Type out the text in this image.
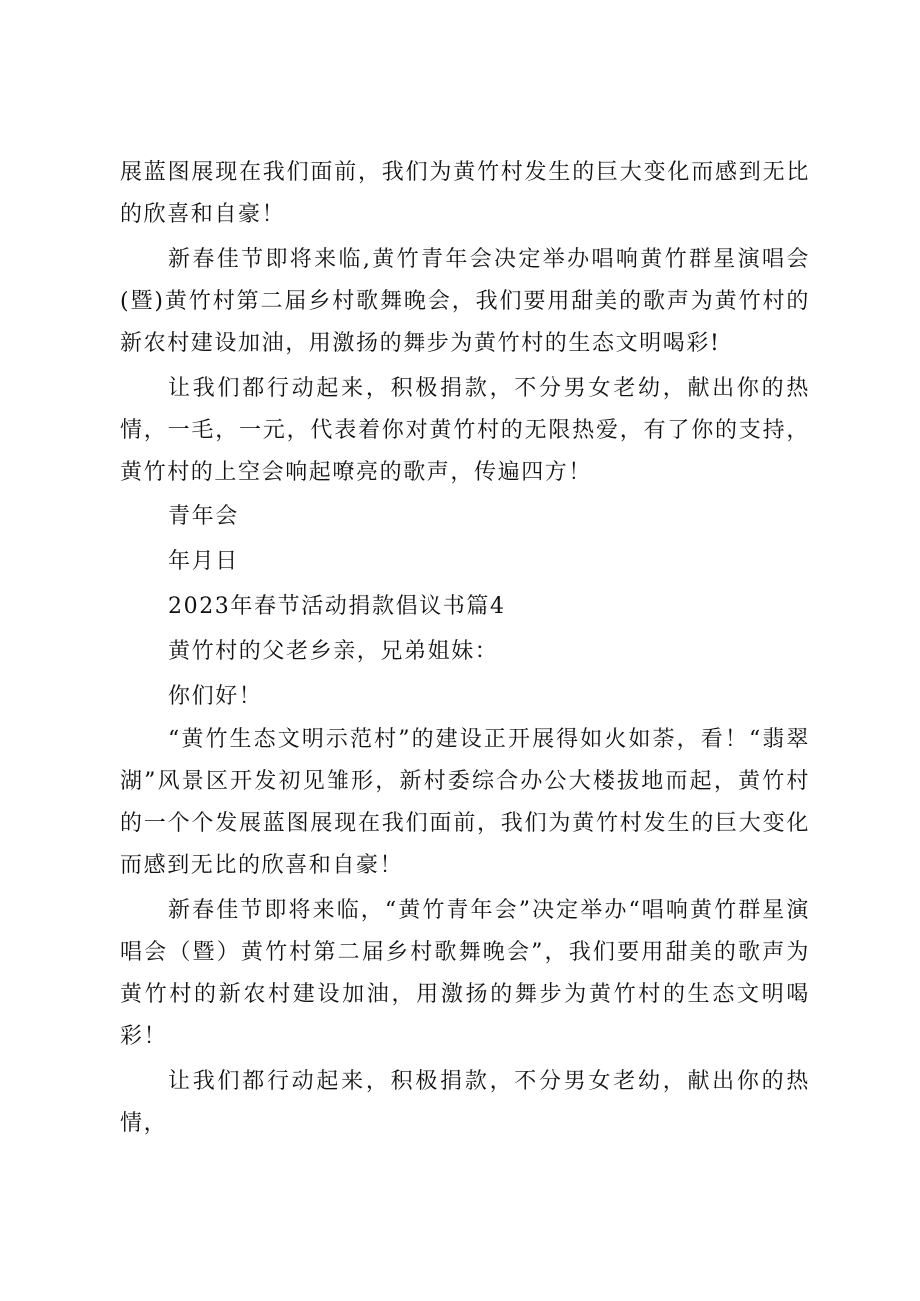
展蓝图展现在我们面前，我们为黄竹村发生的巨大变化而感到无比的欣喜和自豪！

新春佳节即将来临,黄竹青年会决定举办唱响黄竹群星演唱会(暨)黄竹村第二届乡村歌舞晚会，我们要用甜美的歌声为黄竹村的新农村建设加油，用激扬的舞步为黄竹村的生态文明喝彩!

让我们都行动起来，积极捐款，不分男女老幼，献出你的热情，一毛，一元，代表着你对黄竹村的无限热爱，有了你的支持，黄竹村的上空会响起嘹亮的歌声，传遍四方！

青年会

年月日

2023年春节活动捐款倡议书篇4

黄竹村的父老乡亲，兄弟姐妹：

你们好！

“黄竹生态文明示范村”的建设正开展得如火如荼，看！“翡翠湖”风景区开发初见雏形，新村委综合办公大楼拔地而起，黄竹村的一个个发展蓝图展现在我们面前，我们为黄竹村发生的巨大变化而感到无比的欣喜和自豪！

新春佳节即将来临，“黄竹青年会”决定举办“唱响黄竹群星演唱会（暨）黄竹村第二届乡村歌舞晚会”，我们要用甜美的歌声为黄竹村的新农村建设加油，用激扬的舞步为黄竹村的生态文明喝彩！

让我们都行动起来，积极捐款，不分男女老幼，献出你的热情，
